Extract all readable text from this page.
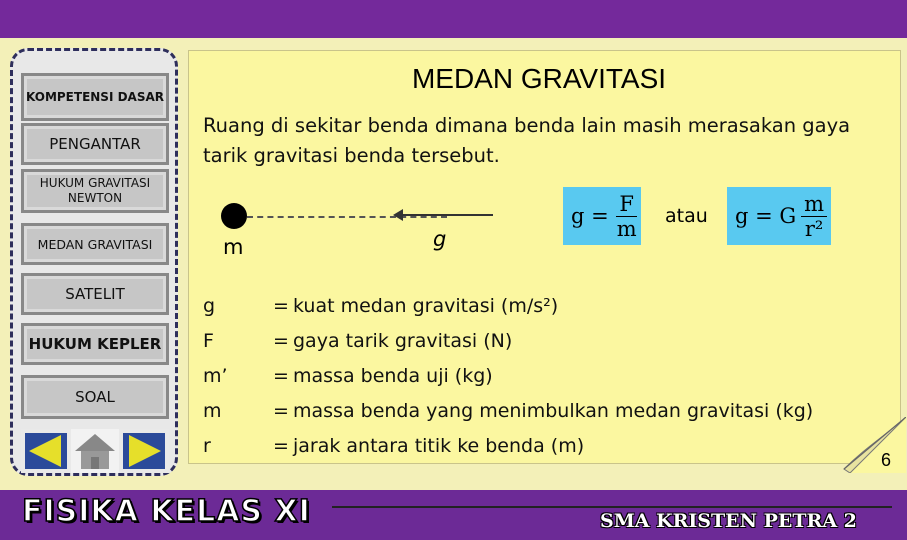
KOMPETENSI DASAR
PENGANTAR
HUKUM GRAVITASI NEWTON
MEDAN GRAVITASI
SATELIT
HUKUM KEPLER
SOAL
MEDAN GRAVITASI
Ruang di sekitar benda dimana benda lain masih merasakan gaya tarik gravitasi benda tersebut.
m	g
$g = \frac{F}{m}$ atau g = G $\frac{m}{\text{r²}}$
g	= kuat medan gravitasi (m/s²)
F	= gaya tarik gravitasi (N)
m’	= massa benda uji (kg)
m	= massa benda yang menimbulkan medan gravitasi (kg)
r	= jarak antara titik ke benda (m)
6
FISIKA KELAS XI	SMA KRISTEN PETRA 2
